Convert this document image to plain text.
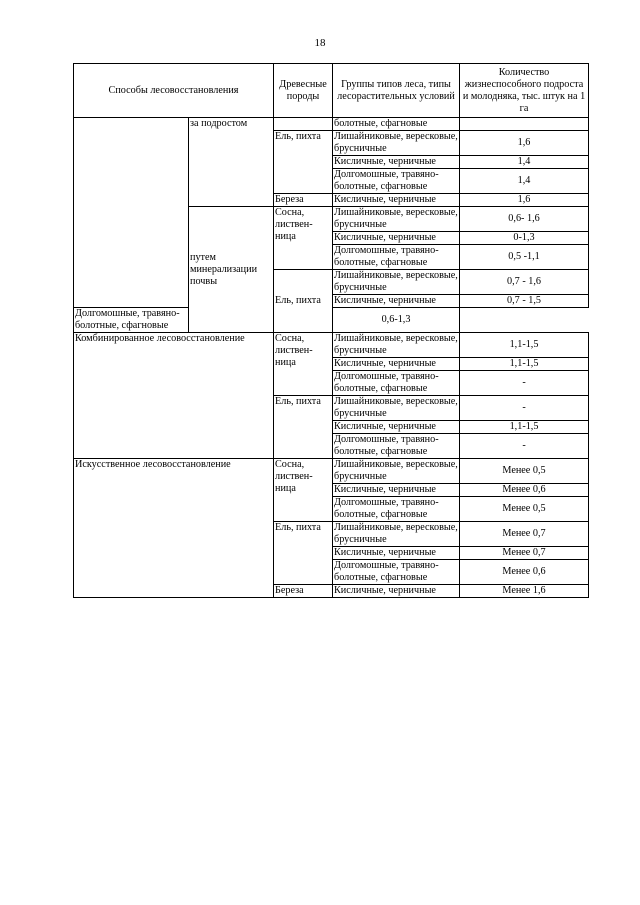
18
Способы лесовосстановления		Древесные породы	Группы типов леса, типы лесорастительных условий	Количество жизнеспособного подроста и молодняка, тыс. штук на 1 га
	за подростом		болотные, сфагновые	
		Ель, пихта	Лишайниковые, вересковые, брусничные	1,6
			Кисличные, черничные	1,4
			Долгомошные, травяно-болотные, сфагновые	1,4
		Береза	Кисличные, черничные	1,6
	путем минерализации почвы	Сосна, листвен-ница	Лишайниковые, вересковые, брусничные	0,6- 1,6
			Кисличные, черничные	0-1,3
			Долгомошные, травяно-болотные, сфагновые	0,5 -1,1
		Ель, пихта	Лишайниковые, вересковые, брусничные	0,7 - 1,6
			Кисличные, черничные	0,7 - 1,5
Долгомошные, травяно-болотные, сфагновые			0,6-1,3	
Комбинированное лесовосстановление		Сосна, листвен-ница	Лишайниковые, вересковые, брусничные	1,1-1,5
			Кисличные, черничные	1,1-1,5
			Долгомошные, травяно-болотные, сфагновые	-
		Ель, пихта	Лишайниковые, вересковые, брусничные	-
			Кисличные, черничные	1,1-1,5
			Долгомошные, травяно-болотные, сфагновые	-
Искусственное лесовосстановление		Сосна, листвен-ница	Лишайниковые, вересковые, брусничные	Менее 0,5
			Кисличные, черничные	Менее 0,6
			Долгомошные, травяно-болотные, сфагновые	Менее 0,5
		Ель, пихта	Лишайниковые, вересковые, брусничные	Менее 0,7
			Кисличные, черничные	Менее 0,7
			Долгомошные, травяно-болотные, сфагновые	Менее 0,6
		Береза	Кисличные, черничные	Менее 1,6
